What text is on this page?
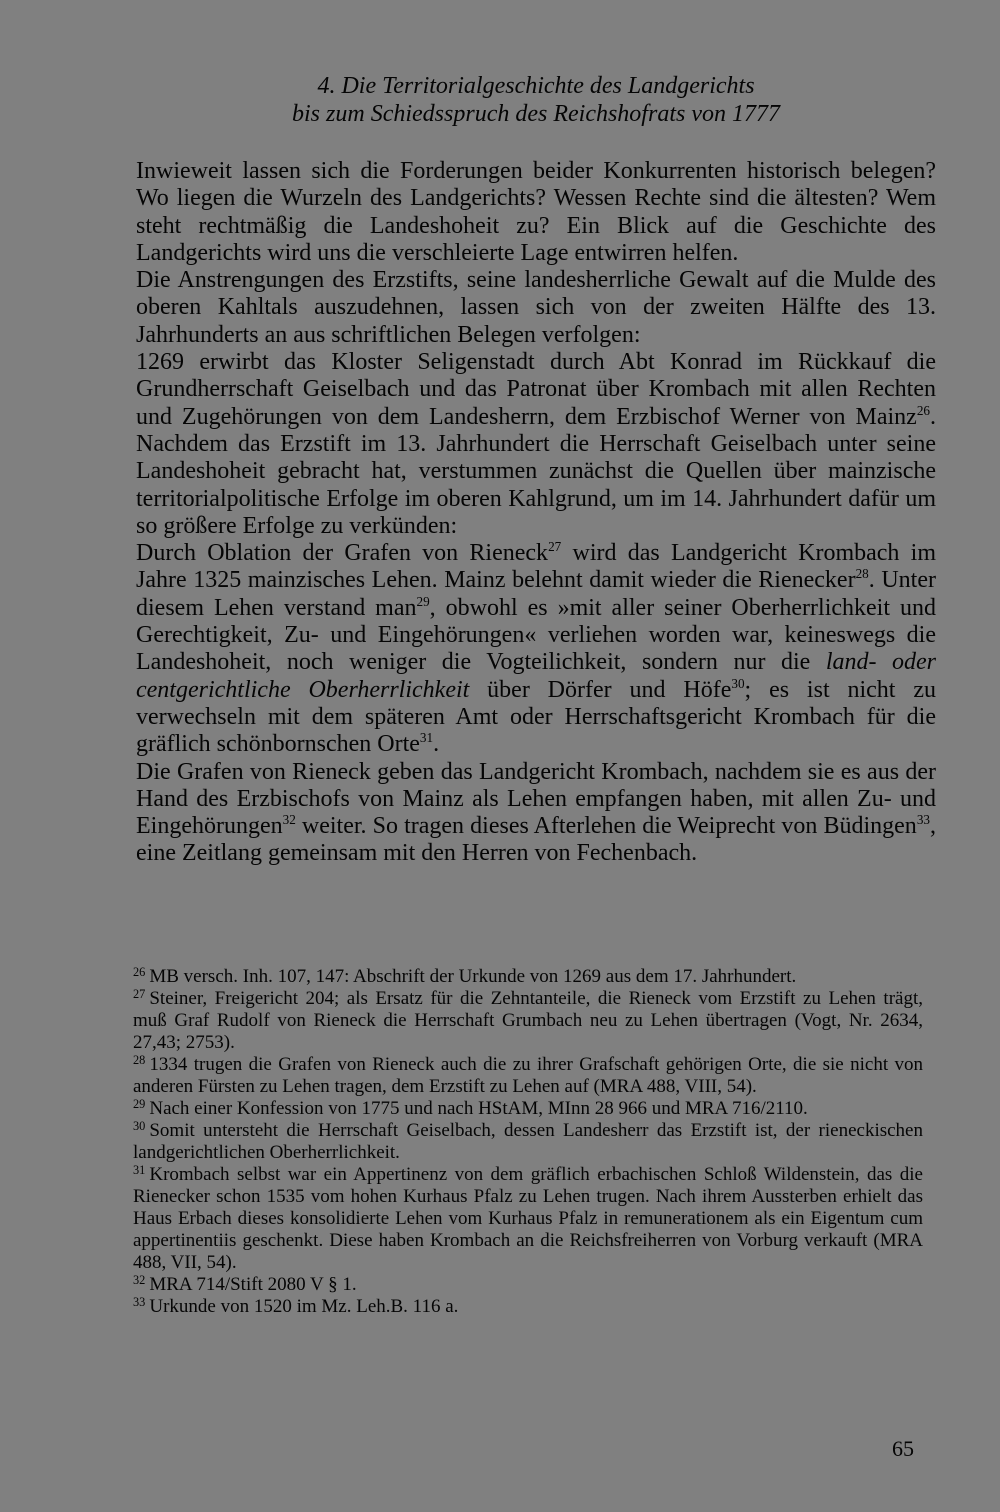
4. Die Territorialgeschichte des Landgerichts
bis zum Schiedsspruch des Reichshofrats von 1777

Inwieweit lassen sich die Forderungen beider Konkurrenten historisch belegen? Wo liegen die Wurzeln des Landgerichts? Wessen Rechte sind die ältesten? Wem steht rechtmäßig die Landeshoheit zu? Ein Blick auf die Geschichte des Landgerichts wird uns die verschleierte Lage entwirren helfen.

Die Anstrengungen des Erzstifts, seine landesherrliche Gewalt auf die Mulde des oberen Kahltals auszudehnen, lassen sich von der zweiten Hälfte des 13. Jahrhunderts an aus schriftlichen Belegen verfolgen:

1269 erwirbt das Kloster Seligenstadt durch Abt Konrad im Rückkauf die Grundherrschaft Geiselbach und das Patronat über Krombach mit allen Rechten und Zugehörungen von dem Landesherrn, dem Erzbischof Werner von Mainz$^{26}$. Nachdem das Erzstift im 13. Jahrhundert die Herrschaft Geiselbach unter seine Landeshoheit gebracht hat, verstummen zunächst die Quellen über mainzische territorialpolitische Erfolge im oberen Kahlgrund, um im 14. Jahrhundert dafür um so größere Erfolge zu verkünden:

Durch Oblation der Grafen von Rieneck$^{27}$ wird das Landgericht Krombach im Jahre 1325 mainzisches Lehen. Mainz belehnt damit wieder die Rienecker$^{28}$. Unter diesem Lehen verstand man$^{29}$, obwohl es »mit aller seiner Oberherrlichkeit und Gerechtigkeit, Zu- und Eingehörungen« verliehen worden war, keineswegs die Landeshoheit, noch weniger die Vogteilichkeit, sondern nur die land- oder centgerichtliche Oberherrlichkeit über Dörfer und Höfe$^{30}$; es ist nicht zu verwechseln mit dem späteren Amt oder Herrschaftsgericht Krombach für die gräflich schönbornschen Orte$^{31}$.

Die Grafen von Rieneck geben das Landgericht Krombach, nachdem sie es aus der Hand des Erzbischofs von Mainz als Lehen empfangen haben, mit allen Zu- und Eingehörungen$^{32}$ weiter. So tragen dieses Afterlehen die Weiprecht von Büdingen$^{33}$, eine Zeitlang gemeinsam mit den Herren von Fechenbach.

$^{26}$ MB versch. Inh. 107, 147: Abschrift der Urkunde von 1269 aus dem 17. Jahrhundert.

$^{27}$ Steiner, Freigericht 204; als Ersatz für die Zehntanteile, die Rieneck vom Erzstift zu Lehen trägt, muß Graf Rudolf von Rieneck die Herrschaft Grumbach neu zu Lehen übertragen (Vogt, Nr. 2634, 27,43; 2753).

$^{28}$ 1334 trugen die Grafen von Rieneck auch die zu ihrer Grafschaft gehörigen Orte, die sie nicht von anderen Fürsten zu Lehen tragen, dem Erzstift zu Lehen auf (MRA 488, VIII, 54).

$^{29}$ Nach einer Konfession von 1775 und nach HStAM, MInn 28 966 und MRA 716/2110.

$^{30}$ Somit untersteht die Herrschaft Geiselbach, dessen Landesherr das Erzstift ist, der rieneckischen landgerichtlichen Oberherrlichkeit.

$^{31}$ Krombach selbst war ein Appertinenz von dem gräflich erbachischen Schloß Wildenstein, das die Rienecker schon 1535 vom hohen Kurhaus Pfalz zu Lehen trugen. Nach ihrem Aussterben erhielt das Haus Erbach dieses konsolidierte Lehen vom Kurhaus Pfalz in remunerationem als ein Eigentum cum appertinentiis geschenkt. Diese haben Krombach an die Reichsfreiherren von Vorburg verkauft (MRA 488, VII, 54).

$^{32}$ MRA 714/Stift 2080 V § 1.

$^{33}$ Urkunde von 1520 im Mz. Leh.B. 116 a.

65
